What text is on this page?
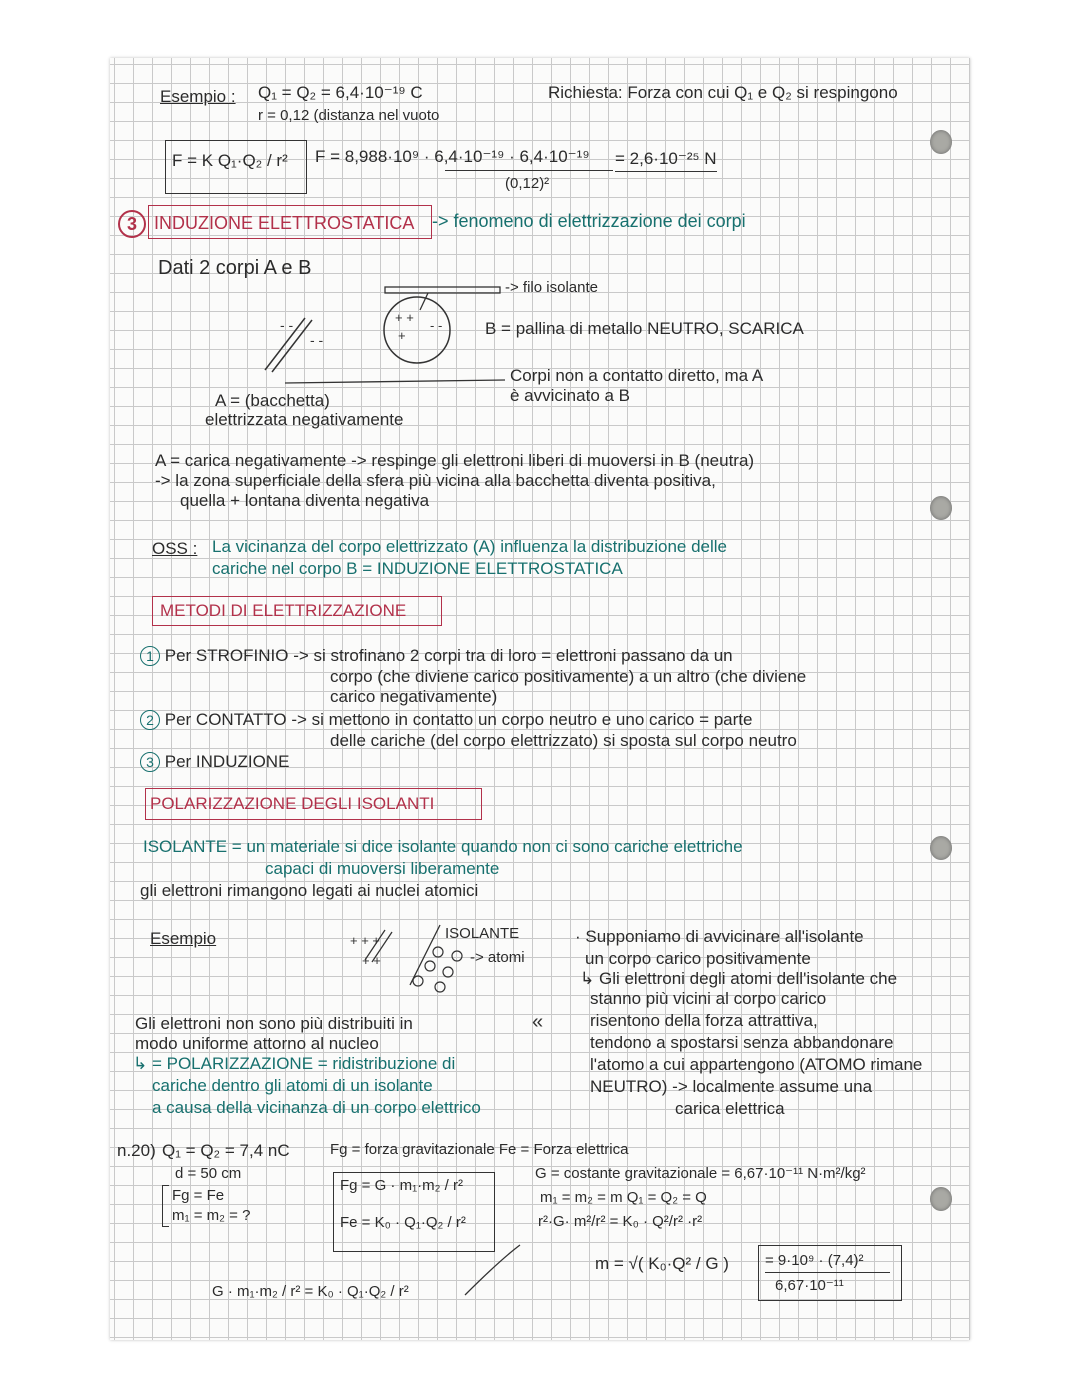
Esempio : Q₁ = Q₂ = 6,4·10⁻¹⁹ C
r = 0,12 (distanza nel vuoto
Richiesta: Forza con cui Q₁ e Q₂ si respingono
F = K Q₁·Q₂ / r² F = 8,988·10⁹ · 6,4·10⁻¹⁹ · 6,4·10⁻¹⁹
(0,12)²
= 2,6·10⁻²⁵ N
3 INDUZIONE ELETTROSTATICA -> fenomeno di elettrizzazione dei corpi
Dati 2 corpi A e B
+ +
+
- -
- -
- -
+ + +
+ +
«
-> filo isolante
B = pallina di metallo NEUTRO, SCARICA
Corpi non a contatto diretto, ma A
è avvicinato a B
A = (bacchetta)
elettrizzata negativamente
A = carica negativamente -> respinge gli elettroni liberi di muoversi in B (neutra)
-> la zona superficiale della sfera più vicina alla bacchetta diventa positiva,
quella + lontana diventa negativa
OSS : La vicinanza del corpo elettrizzato (A) influenza la distribuzione delle
cariche nel corpo B = INDUZIONE ELETTROSTATICA
METODI DI ELETTRIZZAZIONE
1 Per STROFINIO -> si strofinano 2 corpi tra di loro = elettroni passano da un
corpo (che diviene carico positivamente) a un altro (che diviene
carico negativamente)
2 Per CONTATTO -> si mettono in contatto un corpo neutro e uno carico = parte
delle cariche (del corpo elettrizzato) si sposta sul corpo neutro
3 Per INDUZIONE
POLARIZZAZIONE DEGLI ISOLANTI
ISOLANTE = un materiale si dice isolante quando non ci sono cariche elettriche
capaci di muoversi liberamente
gli elettroni rimangono legati ai nuclei atomici
Esempio	ISOLANTE
-> atomi
· Supponiamo di avvicinare all'isolante
un corpo carico positivamente
↳ Gli elettroni degli atomi dell'isolante che
stanno più vicini al corpo carico
risentono della forza attrattiva,
tendono a spostarsi senza abbandonare
l'atomo a cui appartengono (ATOMO rimane
NEUTRO) -> localmente assume una
carica elettrica
Gli elettroni non sono più distribuiti in
modo uniforme attorno al nucleo
↳ = POLARIZZAZIONE = ridistribuzione di
cariche dentro gli atomi di un isolante
a causa della vicinanza di un corpo elettrico
n.20) Q₁ = Q₂ = 7,4 nC	Fg = forza gravitazionale Fe = Forza elettrica
d = 50 cm
Fg = Fe
m₁ = m₂ = ?
Fg = G · m₁·m₂ / r²
Fe = K₀ · Q₁·Q₂ / r²
G = costante gravitazionale = 6,67·10⁻¹¹ N·m²/kg²
m₁ = m₂ = m Q₁ = Q₂ = Q
r²·G· m²/r² = K₀ · Q²/r² ·r²
m = √( K₀·Q² / G ) = 9·10⁹ · (7,4)²
6,67·10⁻¹¹
G · m₁·m₂ / r² = K₀ · Q₁·Q₂ / r²
